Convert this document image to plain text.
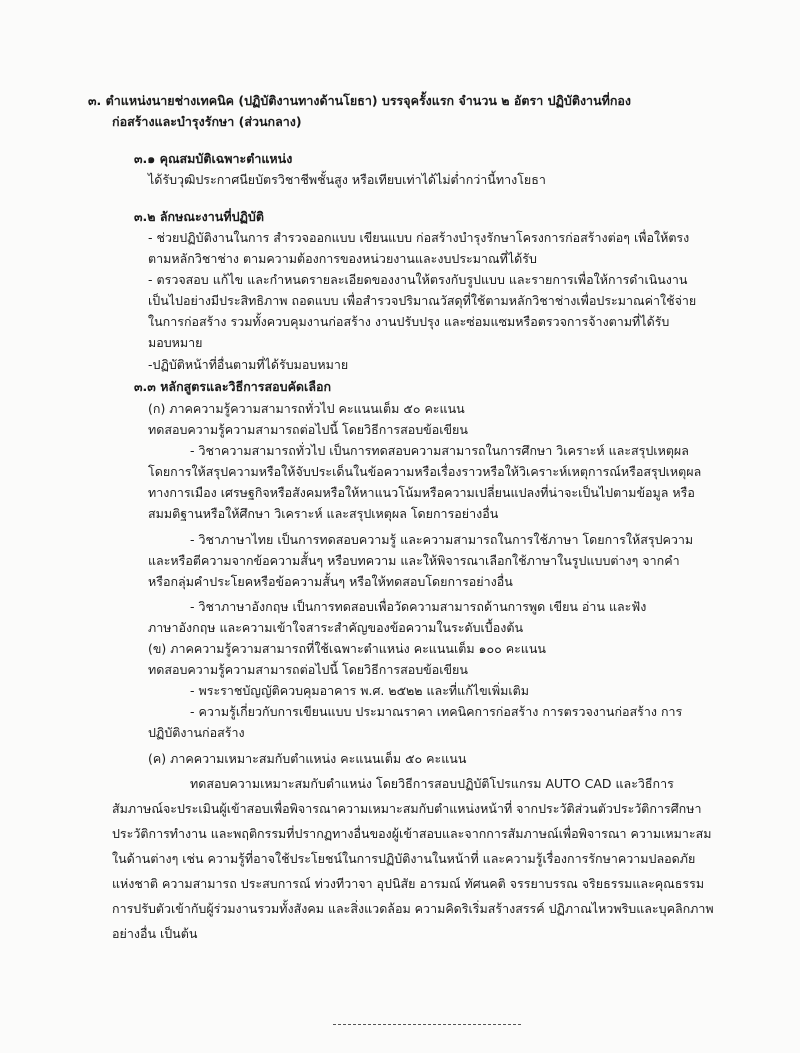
๓. ตำแหน่งนายช่างเทคนิค (ปฏิบัติงานทางด้านโยธา) บรรจุครั้งแรก จำนวน ๒ อัตรา ปฏิบัติงานที่กอง
ก่อสร้างและบำรุงรักษา (ส่วนกลาง)
๓.๑ คุณสมบัติเฉพาะตำแหน่ง
ได้รับวุฒิประกาศนียบัตรวิชาชีพชั้นสูง หรือเทียบเท่าได้ไม่ต่ำกว่านี้ทางโยธา
๓.๒ ลักษณะงานที่ปฏิบัติ
- ช่วยปฏิบัติงานในการ สำรวจออกแบบ เขียนแบบ ก่อสร้างบำรุงรักษาโครงการก่อสร้างต่อๆ เพื่อให้ตรง
ตามหลักวิชาช่าง ตามความต้องการของหน่วยงานและงบประมาณที่ได้รับ
- ตรวจสอบ แก้ไข และกำหนดรายละเอียดของงานให้ตรงกับรูปแบบ และรายการเพื่อให้การดำเนินงาน
เป็นไปอย่างมีประสิทธิภาพ ถอดแบบ เพื่อสำรวจปริมาณวัสดุที่ใช้ตามหลักวิชาช่างเพื่อประมาณค่าใช้จ่าย
ในการก่อสร้าง รวมทั้งควบคุมงานก่อสร้าง งานปรับปรุง และซ่อมแซมหรือตรวจการจ้างตามที่ได้รับ
มอบหมาย
-ปฏิบัติหน้าที่อื่นตามที่ได้รับมอบหมาย
๓.๓ หลักสูตรและวิธีการสอบคัดเลือก
(ก) ภาคความรู้ความสามารถทั่วไป คะแนนเต็ม ๕๐ คะแนน
ทดสอบความรู้ความสามารถต่อไปนี้ โดยวิธีการสอบข้อเขียน
- วิชาความสามารถทั่วไป เป็นการทดสอบความสามารถในการศึกษา วิเคราะห์ และสรุปเหตุผล
โดยการให้สรุปความหรือให้จับประเด็นในข้อความหรือเรื่องราวหรือให้วิเคราะห์เหตุการณ์หรือสรุปเหตุผล
ทางการเมือง เศรษฐกิจหรือสังคมหรือให้หาแนวโน้มหรือความเปลี่ยนแปลงที่น่าจะเป็นไปตามข้อมูล หรือ
สมมติฐานหรือให้ศึกษา วิเคราะห์ และสรุปเหตุผล โดยการอย่างอื่น
- วิชาภาษาไทย เป็นการทดสอบความรู้ และความสามารถในการใช้ภาษา โดยการให้สรุปความ
และหรือตีความจากข้อความสั้นๆ หรือบทความ และให้พิจารณาเลือกใช้ภาษาในรูปแบบต่างๆ จากคำ
หรือกลุ่มคำประโยคหรือข้อความสั้นๆ หรือให้ทดสอบโดยการอย่างอื่น
- วิชาภาษาอังกฤษ เป็นการทดสอบเพื่อวัดความสามารถด้านการพูด เขียน อ่าน และฟัง
ภาษาอังกฤษ และความเข้าใจสาระสำคัญของข้อความในระดับเบื้องต้น
(ข) ภาคความรู้ความสามารถที่ใช้เฉพาะตำแหน่ง คะแนนเต็ม ๑๐๐ คะแนน
ทดสอบความรู้ความสามารถต่อไปนี้ โดยวิธีการสอบข้อเขียน
- พระราชบัญญัติควบคุมอาคาร พ.ศ. ๒๕๒๒ และที่แก้ไขเพิ่มเติม
- ความรู้เกี่ยวกับการเขียนแบบ ประมาณราคา เทคนิคการก่อสร้าง การตรวจงานก่อสร้าง การ
ปฏิบัติงานก่อสร้าง
(ค) ภาคความเหมาะสมกับตำแหน่ง คะแนนเต็ม ๕๐ คะแนน
ทดสอบความเหมาะสมกับตำแหน่ง โดยวิธีการสอบปฏิบัติโปรแกรม AUTO CAD และวิธีการ
สัมภาษณ์จะประเมินผู้เข้าสอบเพื่อพิจารณาความเหมาะสมกับตำแหน่งหน้าที่ จากประวัติส่วนตัวประวัติการศึกษา
ประวัติการทำงาน และพฤติกรรมที่ปรากฏทางอื่นของผู้เข้าสอบและจากการสัมภาษณ์เพื่อพิจารณา ความเหมาะสม
ในด้านต่างๆ เช่น ความรู้ที่อาจใช้ประโยชน์ในการปฏิบัติงานในหน้าที่ และความรู้เรื่องการรักษาความปลอดภัย
แห่งชาติ ความสามารถ ประสบการณ์ ท่วงทีวาจา อุปนิสัย อารมณ์ ทัศนคติ จรรยาบรรณ จริยธรรมและคุณธรรม
การปรับตัวเข้ากับผู้ร่วมงานรวมทั้งสังคม และสิ่งแวดล้อม ความคิดริเริ่มสร้างสรรค์ ปฏิภาณไหวพริบและบุคลิกภาพ
อย่างอื่น เป็นต้น
